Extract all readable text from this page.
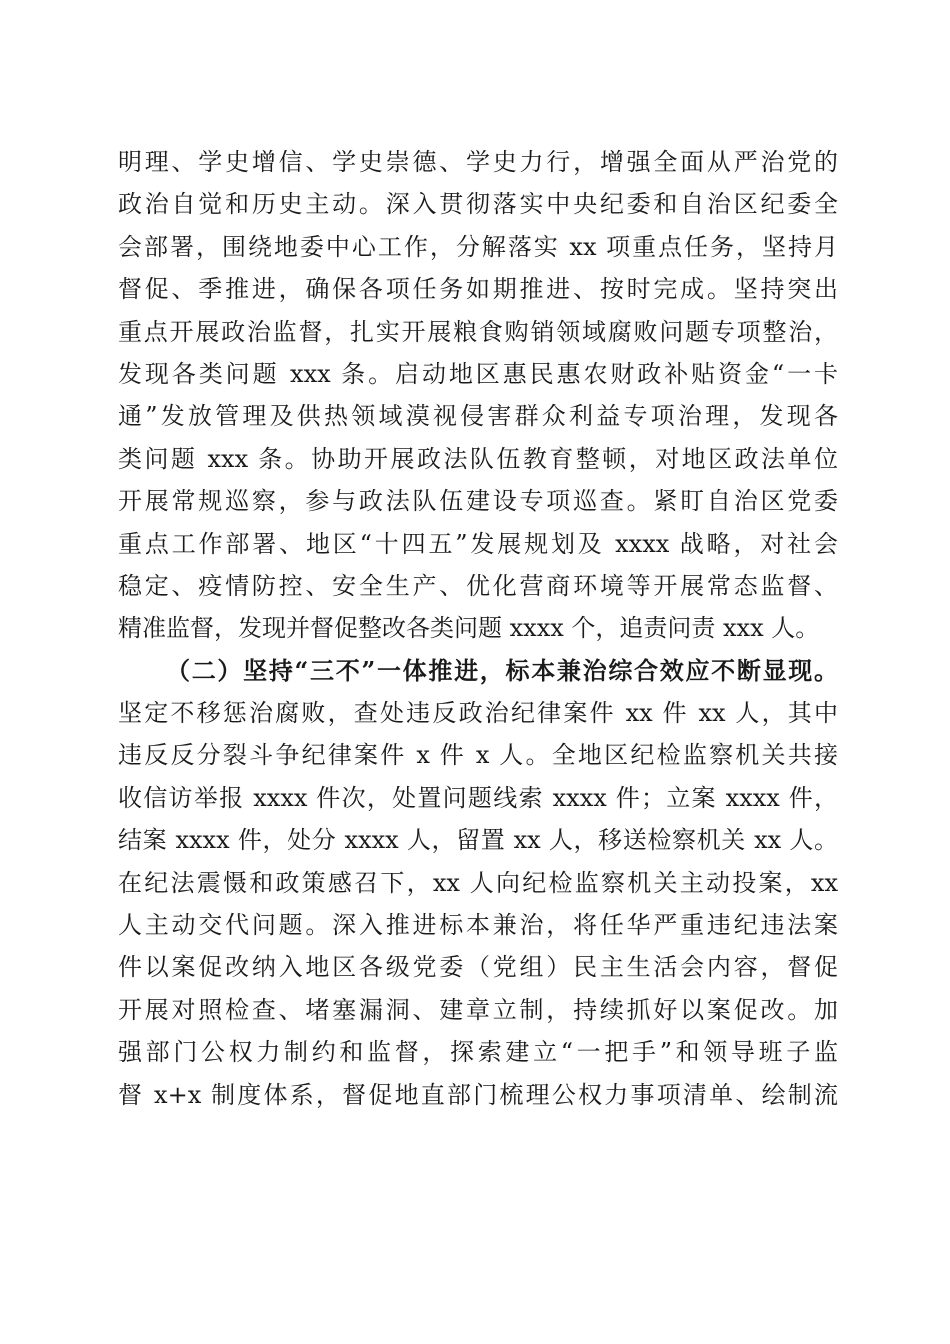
明理、学史增信、学史崇德、学史力行，增强全面从严治党的
政治自觉和历史主动。深入贯彻落实中央纪委和自治区纪委全
会部署，围绕地委中心工作，分解落实 xx 项重点任务，坚持月
督促、季推进，确保各项任务如期推进、按时完成。坚持突出
重点开展政治监督，扎实开展粮食购销领域腐败问题专项整治，
发现各类问题 xxx 条。启动地区惠民惠农财政补贴资金“一卡
通”发放管理及供热领域漠视侵害群众利益专项治理，发现各
类问题 xxx 条。协助开展政法队伍教育整顿，对地区政法单位
开展常规巡察，参与政法队伍建设专项巡查。紧盯自治区党委
重点工作部署、地区“十四五”发展规划及 xxxx 战略，对社会
稳定、疫情防控、安全生产、优化营商环境等开展常态监督、
精准监督，发现并督促整改各类问题 xxxx 个，追责问责 xxx 人。
（二）坚持“三不”一体推进，标本兼治综合效应不断显现。
坚定不移惩治腐败，查处违反政治纪律案件 xx 件 xx 人，其中
违反反分裂斗争纪律案件 x 件 x 人。全地区纪检监察机关共接
收信访举报 xxxx 件次，处置问题线索 xxxx 件；立案 xxxx 件，
结案 xxxx 件，处分 xxxx 人，留置 xx 人，移送检察机关 xx 人。
在纪法震慑和政策感召下，xx 人向纪检监察机关主动投案，xx
人主动交代问题。深入推进标本兼治，将任华严重违纪违法案
件以案促改纳入地区各级党委（党组）民主生活会内容，督促
开展对照检查、堵塞漏洞、建章立制，持续抓好以案促改。加
强部门公权力制约和监督，探索建立“一把手”和领导班子监
督 x+x 制度体系，督促地直部门梳理公权力事项清单、绘制流
